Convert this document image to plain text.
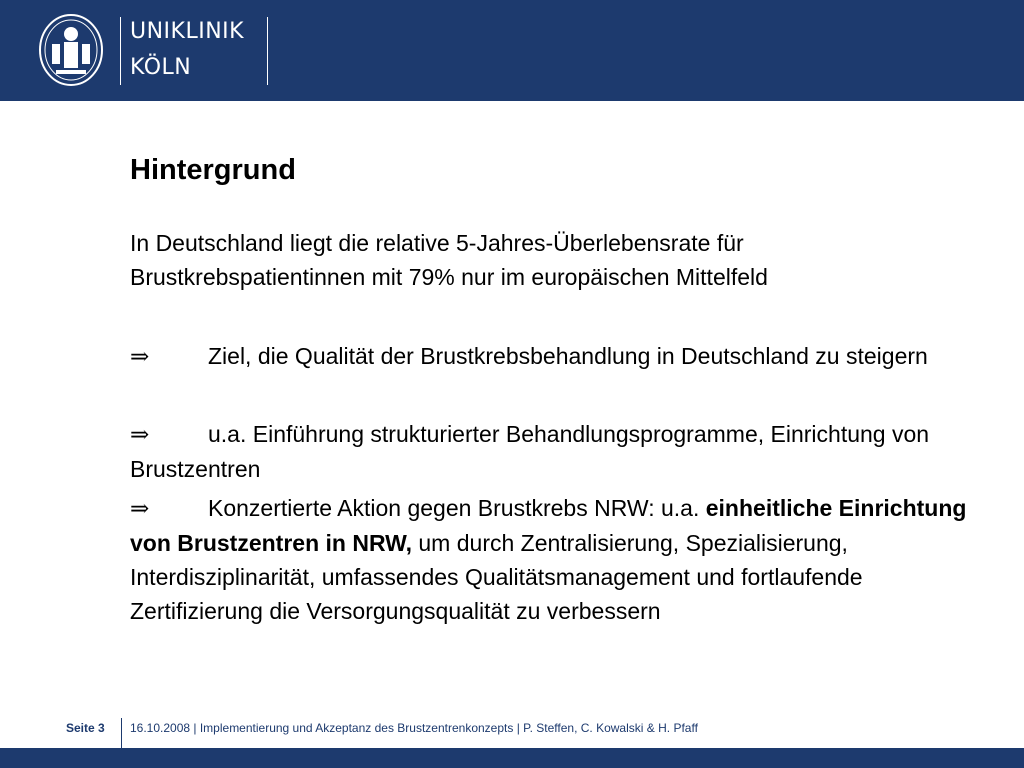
UNIKLINIK
KÖLN
Hintergrund
In Deutschland liegt die relative 5-Jahres-Überlebensrate für Brustkrebspatientinnen mit 79% nur im europäischen Mittelfeld
⇒	Ziel, die Qualität der Brustkrebsbehandlung in Deutschland zu steigern
⇒	u.a. Einführung strukturierter Behandlungsprogramme, Einrichtung von Brustzentren
⇒	Konzertierte Aktion gegen Brustkrebs NRW: u.a. einheitliche Einrichtung von Brustzentren in NRW, um durch Zentralisierung, Spezialisierung, Interdisziplinarität, umfassendes Qualitätsmanagement und fortlaufende Zertifizierung die Versorgungsqualität zu verbessern
Seite 3 16.10.2008 | Implementierung und Akzeptanz des Brustzentrenkonzepts | P. Steffen, C. Kowalski & H. Pfaff
